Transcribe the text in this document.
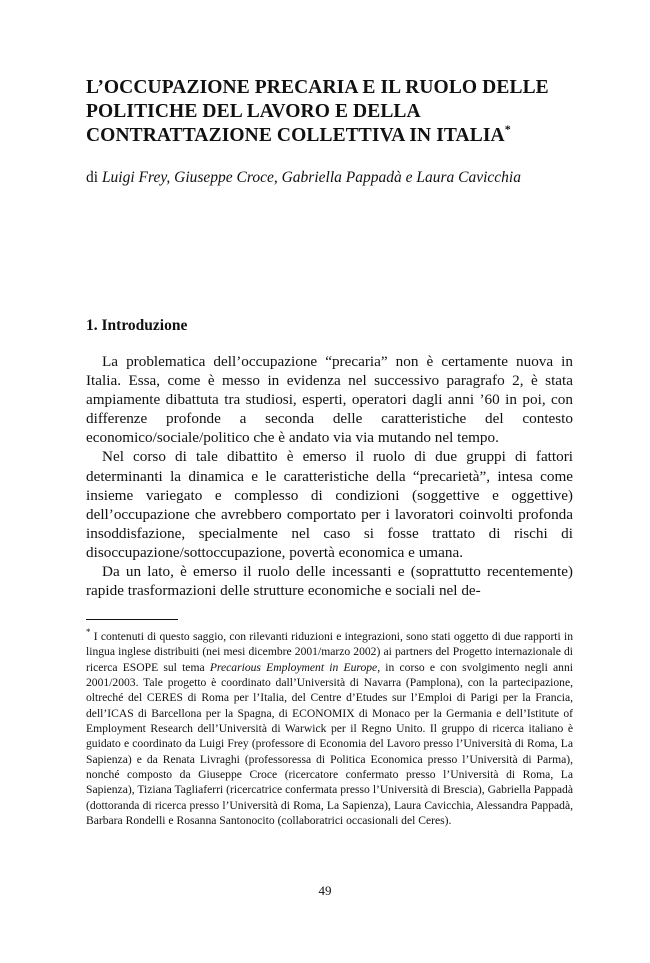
L’OCCUPAZIONE PRECARIA E IL RUOLO DELLE POLITICHE DEL LAVORO E DELLA CONTRATTAZIONE COLLETTIVA IN ITALIA*

di Luigi Frey, Giuseppe Croce, Gabriella Pappadà e Laura Cavicchia

1. Introduzione

La problematica dell’occupazione “precaria” non è certamente nuova in Italia. Essa, come è messo in evidenza nel successivo paragrafo 2, è stata ampiamente dibattuta tra studiosi, esperti, operatori dagli anni ’60 in poi, con differenze profonde a seconda delle caratteristiche del contesto economico/sociale/politico che è andato via via mutando nel tempo.

Nel corso di tale dibattito è emerso il ruolo di due gruppi di fattori determinanti la dinamica e le caratteristiche della “precarietà”, intesa come insieme variegato e complesso di condizioni (soggettive e oggettive) dell’occupazione che avrebbero comportato per i lavoratori coinvolti profonda insoddisfazione, specialmente nel caso si fosse trattato di rischi di disoccupazione/sottoccupazione, povertà economica e umana.

Da un lato, è emerso il ruolo delle incessanti e (soprattutto recentemente) rapide trasformazioni delle strutture economiche e sociali nel de-

* I contenuti di questo saggio, con rilevanti riduzioni e integrazioni, sono stati oggetto di due rapporti in lingua inglese distribuiti (nei mesi dicembre 2001/marzo 2002) ai partners del Progetto internazionale di ricerca ESOPE sul tema Precarious Employment in Europe, in corso e con svolgimento negli anni 2001/2003. Tale progetto è coordinato dall’Università di Navarra (Pamplona), con la partecipazione, oltreché del CERES di Roma per l’Italia, del Centre d’Etudes sur l’Emploi di Parigi per la Francia, dell’ICAS di Barcellona per la Spagna, di ECONOMIX di Monaco per la Germania e dell’Istitute of Employment Research dell’Università di Warwick per il Regno Unito. Il gruppo di ricerca italiano è guidato e coordinato da Luigi Frey (professore di Economia del Lavoro presso l’Università di Roma, La Sapienza) e da Renata Livraghi (professoressa di Politica Economica presso l’Università di Parma), nonché composto da Giuseppe Croce (ricercatore confermato presso l’Università di Roma, La Sapienza), Tiziana Tagliaferri (ricercatrice confermata presso l’Università di Brescia), Gabriella Pappadà (dottoranda di ricerca presso l’Università di Roma, La Sapienza), Laura Cavicchia, Alessandra Pappadà, Barbara Rondelli e Rosanna Santonocito (collaboratrici occasionali del Ceres).

49
